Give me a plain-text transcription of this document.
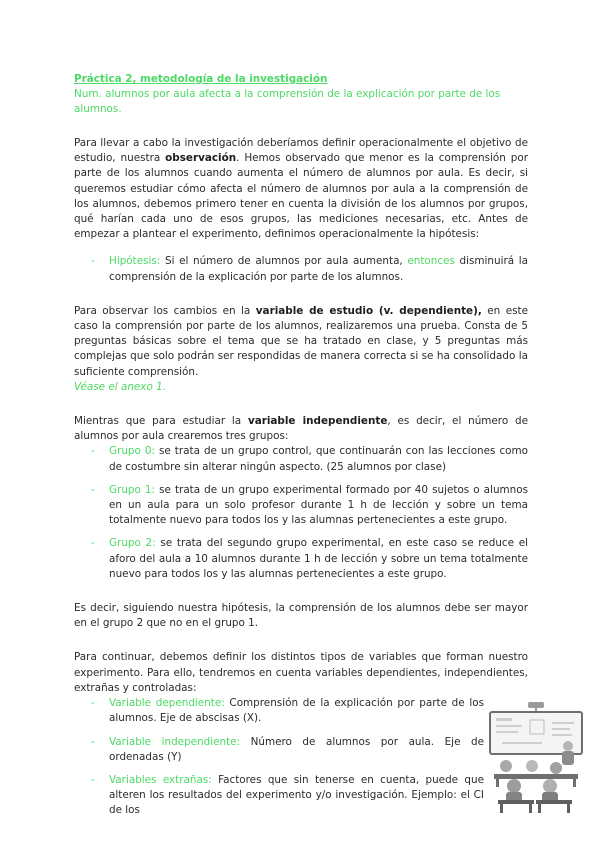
Práctica 2, metodología de la investigación
Num. alumnos por aula afecta a la comprensión de la explicación por parte de los alumnos.

Para llevar a cabo la investigación deberíamos definir operacionalmente el objetivo de estudio, nuestra observación. Hemos observado que menor es la comprensión por parte de los alumnos cuando aumenta el número de alumnos por aula. Es decir, si queremos estudiar cómo afecta el número de alumnos por aula a la comprensión de los alumnos, debemos primero tener en cuenta la división de los alumnos por grupos, qué harían cada uno de esos grupos, las mediciones necesarias, etc. Antes de empezar a plantear el experimento, definimos operacionalmente la hipótesis:

- Hipótesis: Si el número de alumnos por aula aumenta, entonces disminuirá la comprensión de la explicación por parte de los alumnos.

Para observar los cambios en la variable de estudio (v. dependiente), en este caso la comprensión por parte de los alumnos, realizaremos una prueba. Consta de 5 preguntas básicas sobre el tema que se ha tratado en clase, y 5 preguntas más complejas que solo podrán ser respondidas de manera correcta si se ha consolidado la suficiente comprensión.
Véase el anexo 1.

Mientras que para estudiar la variable independiente, es decir, el número de alumnos por aula crearemos tres grupos:

- Grupo 0: se trata de un grupo control, que continuarán con las lecciones como de costumbre sin alterar ningún aspecto. (25 alumnos por clase)
- Grupo 1: se trata de un grupo experimental formado por 40 sujetos o alumnos en un aula para un solo profesor durante 1 h de lección y sobre un tema totalmente nuevo para todos los y las alumnas pertenecientes a este grupo.
- Grupo 2: se trata del segundo grupo experimental, en este caso se reduce el aforo del aula a 10 alumnos durante 1 h de lección y sobre un tema totalmente nuevo para todos los y las alumnas pertenecientes a este grupo.

Es decir, siguiendo nuestra hipótesis, la comprensión de los alumnos debe ser mayor en el grupo 2 que no en el grupo 1.

Para continuar, debemos definir los distintos tipos de variables que forman nuestro experimento. Para ello, tendremos en cuenta variables dependientes, independientes, extrañas y controladas:

- Variable dependiente: Comprensión de la explicación por parte de los alumnos. Eje de abscisas (X).
- Variable independiente: Número de alumnos por aula. Eje de ordenadas (Y)
- Variables extrañas: Factores que sin tenerse en cuenta, puede que alteren los resultados del experimento y/o investigación. Ejemplo: el CI de los
